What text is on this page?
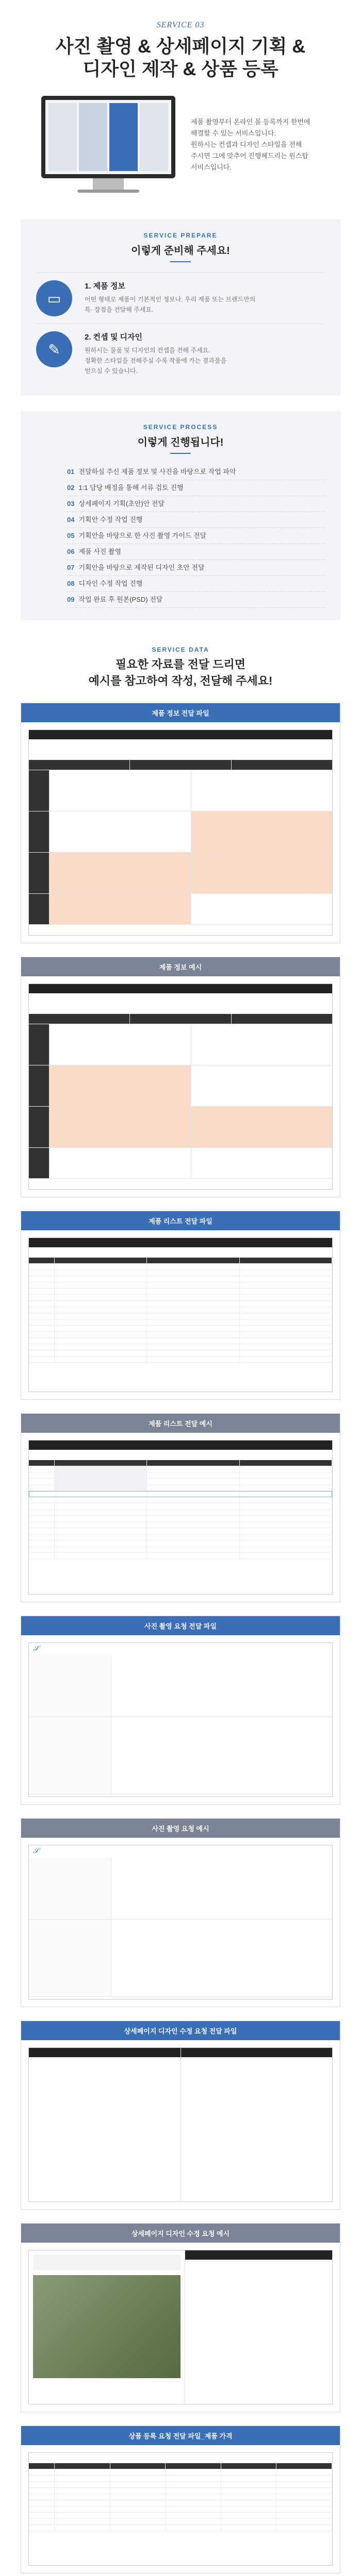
SERVICE 03
사진 촬영 & 상세페이지 기획 &
디자인 제작 & 상품 등록

제품 촬영부터 온라인 몰 등록까지 한번에
해결할 수 있는 서비스입니다.
원하시는 컨셉과 디자인 스타일을 전해
주시면 그에 맞추어 진행해드리는 원스탑
서비스입니다.

SERVICE PREPARE
이렇게 준비해 주세요!
▭
1. 제품 정보
어떤 형태로 제품이 기본적인 정보나, 우리 제품 또는 브랜드만의
특· 장점을 전달해 주세요.
✎
2. 컨셉 및 디자인
원하시는 물품 및 디자인의 컨셉을 전해 주세요.
정확한 스타일을 전해주실 수록 작품에 가는 결과물을
얻으실 수 있습니다.
SERVICE PROCESS
이렇게 진행됩니다!
01 전달하실 주신 제품 정보 및 사진을 바탕으로 작업 파악
02 1:1 담당 배정을 통해 서류 검토 진행
03 상세페이지 기획(초안)안 전달
04 기획안 수정 작업 진행
05 기획안을 바탕으로 한 사진 촬영 가이드 전달
06 제품 사진 촬영
07 기획안을 바탕으로 제작된 디자인 초안 전달
08 디자인 수정 작업 진행
09 작업 완료 후 원본(PSD) 전달
SERVICE DATA
필요한 자료를 전달 드리면
예시를 참고하여 작성, 전달해 주세요!
제품 정보 전달 파일
제품 정보 예시
제품 리스트 전달 파일
제품 리스트 전달 예시
사진 촬영 요청 전달 파일
𝒮
사진 촬영 요청 예시
𝒮
상세페이지 디자인 수정 요청 전달 파일
상세페이지 디자인 수정 요청 예시
상품 등록 요청 전달 파일_제품 가격
